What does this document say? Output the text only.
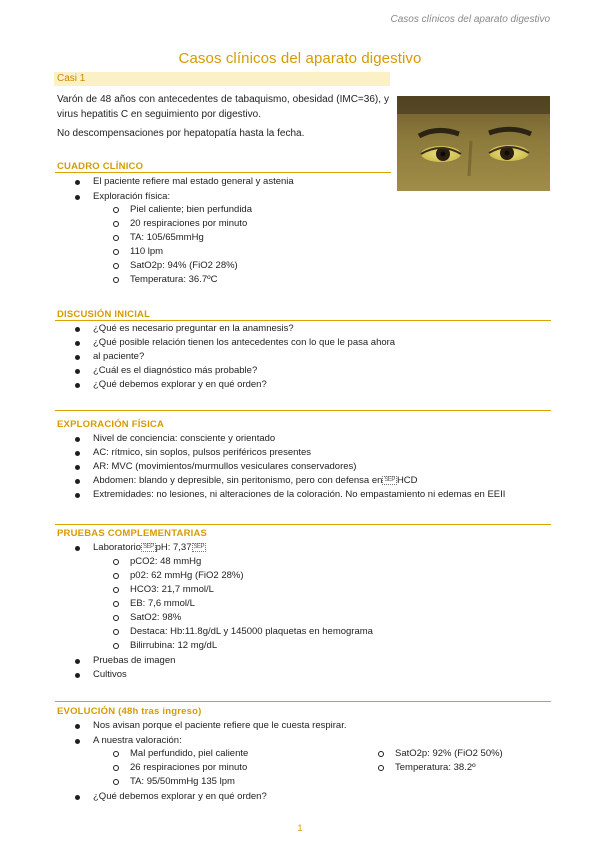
Casos clínicos del aparato digestivo
Casos clínicos del aparato digestivo
Casi 1

Varón de 48 años con antecedentes de tabaquismo, obesidad (IMC=36), y virus hepatitis C en seguimiento por digestivo.

No descompensaciones por hepatopatía hasta la fecha.

CUADRO CLÍNICO
El paciente refiere mal estado general y astenia
Exploración física:
Piel caliente; bien perfundida
20 respiraciones por minuto
TA: 105/65mmHg
110 lpm
SatO2p: 94% (FiO2 28%)
Temperatura: 36.7ºC
DISCUSIÓN INICIAL
¿Qué es necesario preguntar en la anamnesis?
¿Qué posible relación tienen los antecedentes con lo que le pasa ahora
al paciente?
¿Cuál es el diagnóstico más probable?
¿Qué debemos explorar y en qué orden?
EXPLORACIÓN FÍSICA
Nivel de conciencia: consciente y orientado
AC: rítmico, sin soplos, pulsos periféricos presentes
AR: MVC (movimientos/murmullos vesiculares conservadores)
Abdomen: blando y depresible, sin peritonismo, pero con defensa en SEP HCD
Extremidades: no lesiones, ni alteraciones de la coloración. No empastamiento ni edemas en EEII
PRUEBAS COMPLEMENTARIAS
Laboratorio SEP pH: 7,37 SEP
pCO2: 48 mmHg
p02: 62 mmHg (FiO2 28%)
HCO3: 21,7 mmol/L
EB: 7,6 mmol/L
SatO2: 98%
Destaca: Hb:11.8g/dL y 145000 plaquetas en hemograma
Bilirrubina: 12 mg/dL
Pruebas de imagen
Cultivos
EVOLUCIÓN (48h tras ingreso)
Nos avisan porque el paciente refiere que le cuesta respirar.
A nuestra valoración:
Mal perfundido, piel caliente
26 respiraciones por minuto
TA: 95/50mmHg 135 lpm
SatO2p: 92% (FiO2 50%)
Temperatura: 38.2º
¿Qué debemos explorar y en qué orden?
1
